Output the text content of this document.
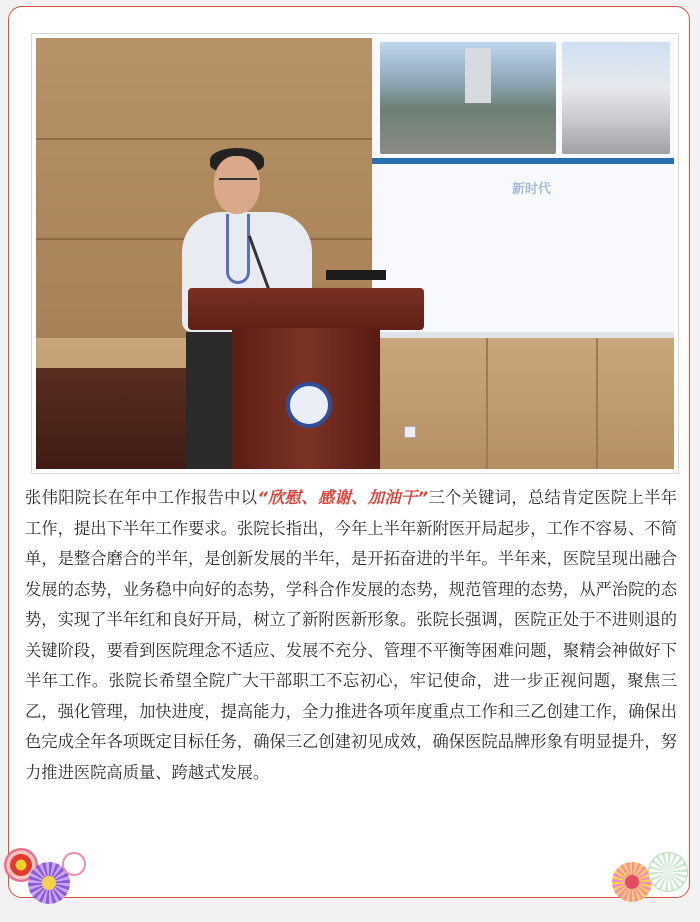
新时代

张伟阳院长在年中工作报告中以“欣慰、感谢、加油干”三个关键词，总结肯定医院上半年工作，提出下半年工作要求。张院长指出，今年上半年新附医开局起步，工作不容易、不简单，是整合磨合的半年，是创新发展的半年，是开拓奋进的半年。半年来，医院呈现出融合发展的态势，业务稳中向好的态势，学科合作发展的态势，规范管理的态势，从严治院的态势，实现了半年红和良好开局，树立了新附医新形象。张院长强调，医院正处于不进则退的关键阶段，要看到医院理念不适应、发展不充分、管理不平衡等困难问题，聚精会神做好下半年工作。张院长希望全院广大干部职工不忘初心，牢记使命，进一步正视问题，聚焦三乙，强化管理，加快进度，提高能力，全力推进各项年度重点工作和三乙创建工作，确保出色完成全年各项既定目标任务，确保三乙创建初见成效，确保医院品牌形象有明显提升，努力推进医院高质量、跨越式发展。
